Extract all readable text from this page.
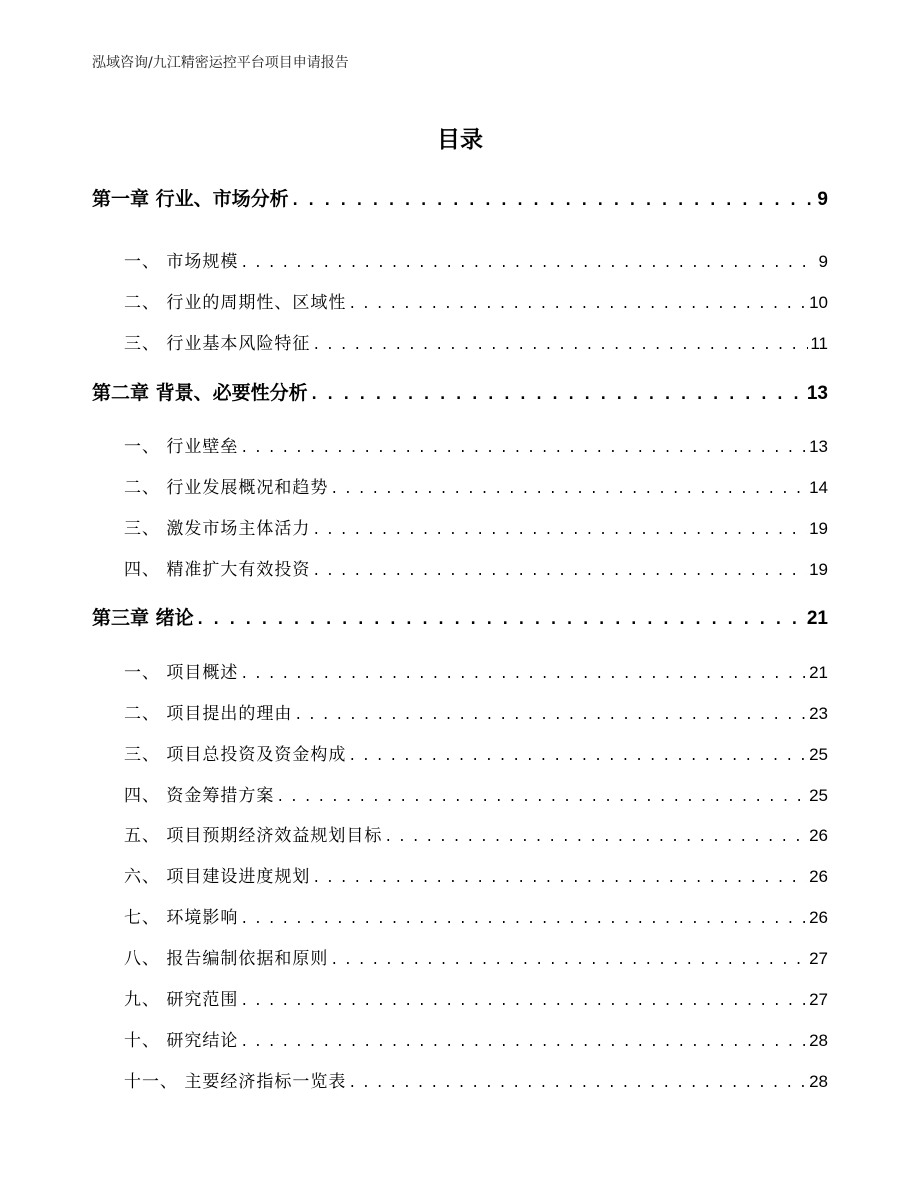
泓域咨询/九江精密运控平台项目申请报告
目录
第一章 行业、市场分析 . . .	9
一、 市场规模 . . .	9
二、 行业的周期性、区域性 . . .	10
三、 行业基本风险特征 . . .	11
第二章 背景、必要性分析 . . .	13
一、 行业壁垒 . . .	13
二、 行业发展概况和趋势 . . .	14
三、 激发市场主体活力 . . .	19
四、 精准扩大有效投资 . . .	19
第三章 绪论 . . .	21
一、 项目概述 . . .	21
二、 项目提出的理由 . . .	23
三、 项目总投资及资金构成 . . .	25
四、 资金筹措方案 . . .	25
五、 项目预期经济效益规划目标 . . .	26
六、 项目建设进度规划 . . .	26
七、 环境影响 . . .	26
八、 报告编制依据和原则 . . .	27
九、 研究范围 . . .	27
十、 研究结论 . . .	28
十一、 主要经济指标一览表 . . .	28
